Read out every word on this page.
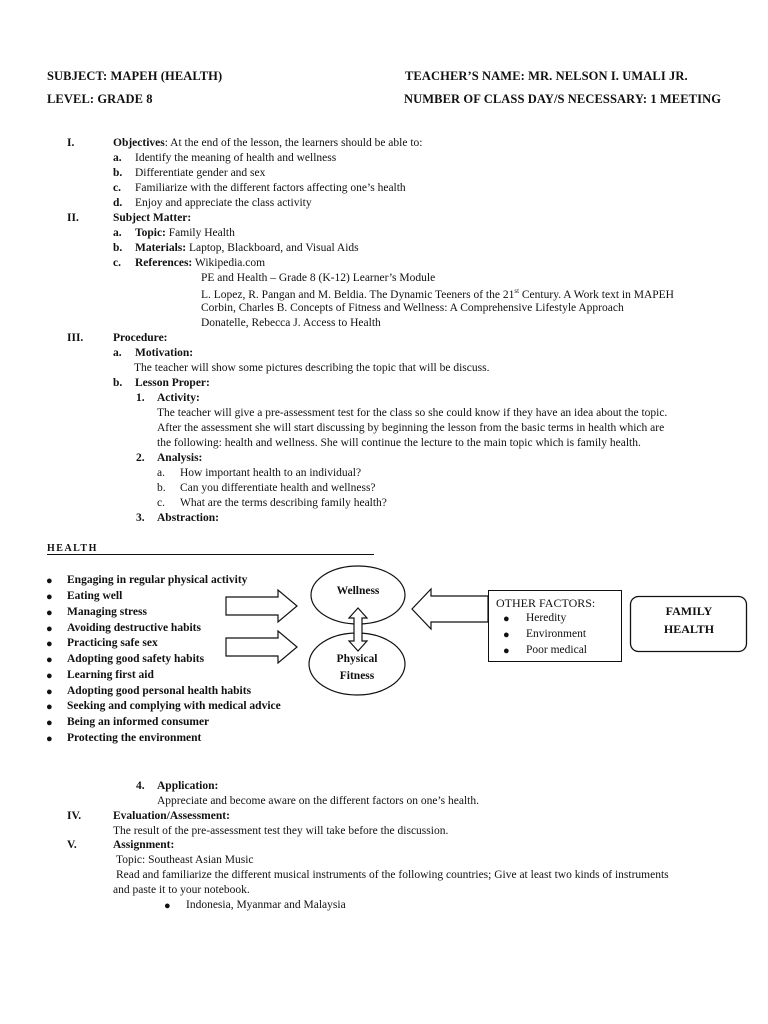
SUBJECT: MAPEH (HEALTH)	TEACHER’S NAME: MR. NELSON I. UMALI JR.
LEVEL: GRADE 8	NUMBER OF CLASS DAY/S NECESSARY: 1 MEETING
I.	Objectives: At the end of the lesson, the learners should be able to:
a. Identify the meaning of health and wellness
b. Differentiate gender and sex
c. Familiarize with the different factors affecting one’s health
d. Enjoy and appreciate the class activity
II.	Subject Matter:
a. Topic: Family Health
b. Materials: Laptop, Blackboard, and Visual Aids
c. References: Wikipedia.com
PE and Health – Grade 8 (K-12) Learner’s Module
L. Lopez, R. Pangan and M. Beldia. The Dynamic Teeners of the 21st Century. A Work text in MAPEH
Corbin, Charles B. Concepts of Fitness and Wellness: A Comprehensive Lifestyle Approach
Donatelle, Rebecca J. Access to Health
III.	Procedure:
a. Motivation:
The teacher will show some pictures describing the topic that will be discuss.
b. Lesson Proper:
1. Activity:
The teacher will give a pre-assessment test for the class so she could know if they have an idea about the topic.
After the assessment she will start discussing by beginning the lesson from the basic terms in health which are
the following: health and wellness. She will continue the lecture to the main topic which is family health.
2. Analysis:
a. How important health to an individual?
b. Can you differentiate health and wellness?
c. What are the terms describing family health?
3. Abstraction:
HEALTH
● Engaging in regular physical activity
● Eating well
● Managing stress
● Avoiding destructive habits
● Practicing safe sex
● Adopting good safety habits
● Learning first aid
● Adopting good personal health habits
● Seeking and complying with medical advice
● Being an informed consumer
● Protecting the environment
Wellness
Physical
Fitness
OTHER FACTORS:
● Heredity
● Environment
● Poor medical
FAMILY
HEALTH
4. Application:
Appreciate and become aware on the different factors on one’s health.
IV.	Evaluation/Assessment:
The result of the pre-assessment test they will take before the discussion.
V.	Assignment:
Topic: Southeast Asian Music
Read and familiarize the different musical instruments of the following countries; Give at least two kinds of instruments
and paste it to your notebook.
● Indonesia, Myanmar and Malaysia
